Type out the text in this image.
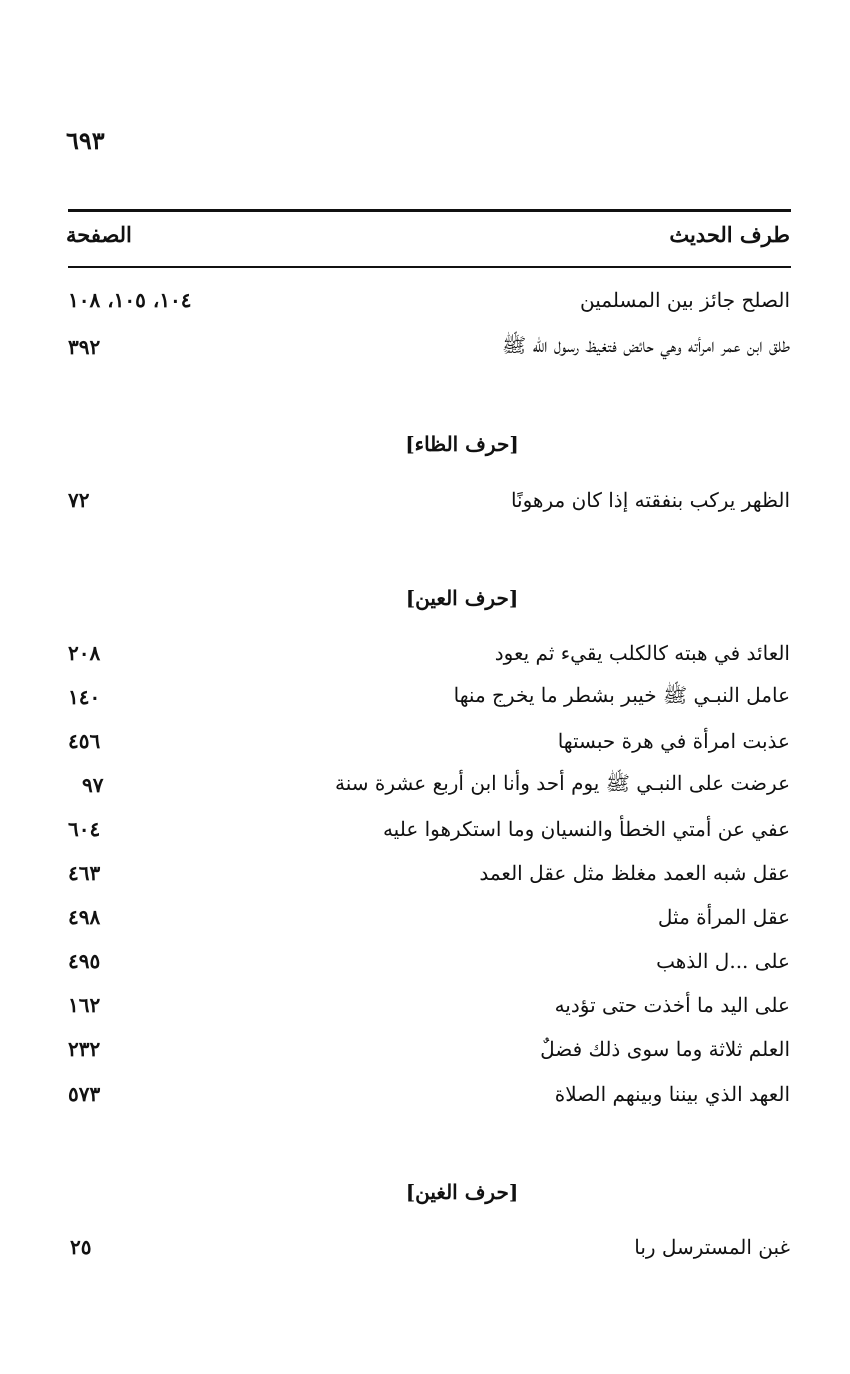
٦٩٣
طرف الحديث
الصفحة
الصلح جائز بين المسلمين
١٠٤، ١٠٥، ١٠٨
طلق ابن عمر امرأته وهي حائض فتغيظ رسول الله ﷺ
٣٩٢
[حرف الظاء]
الظهر يركب بنفقته إذا كان مرهونًا
٧٢
[حرف العين]
العائد في هبته كالكلب يقيء ثم يعود
٢٠٨
عامل النبـي ﷺ خيبر بشطر ما يخرج منها
١٤٠
عذبت امرأة في هرة حبستها
٤٥٦
عرضت على النبـي ﷺ يوم أحد وأنا ابن أربع عشرة سنة
٩٧
عفي عن أمتي الخطأ والنسيان وما استكرهوا عليه
٦٠٤
عقل شبه العمد مغلظ مثل عقل العمد
٤٦٣
عقل المرأة مثل
٤٩٨
على ...ل الذهب
٤٩٥
على اليد ما أخذت حتى تؤديه
١٦٢
العلم ثلاثة وما سوى ذلك فضلٌ
٢٣٢
العهد الذي بيننا وبينهم الصلاة
٥٧٣
[حرف الغين]
غبن المسترسل ربا
٢٥
